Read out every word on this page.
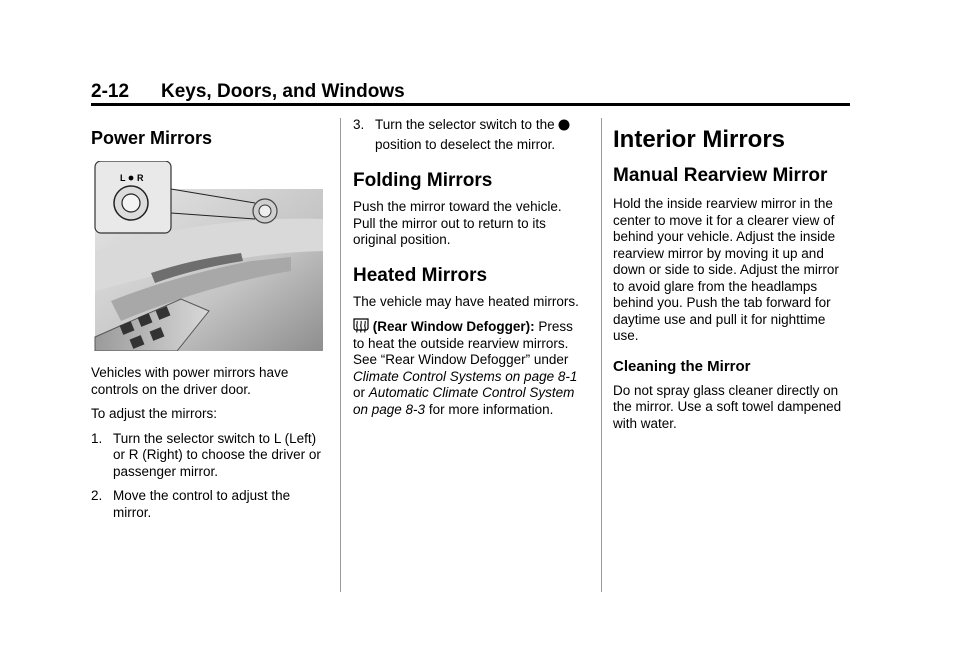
2-12 Keys, Doors, and Windows
Power Mirrors
L R

Vehicles with power mirrors have controls on the driver door.

To adjust the mirrors:

1. Turn the selector switch to L (Left) or R (Right) to choose the driver or passenger mirror.
2. Move the control to adjust the mirror.
3. Turn the selector switch to the  position to deselect the mirror.
Folding Mirrors

Push the mirror toward the vehicle. Pull the mirror out to return to its original position.

Heated Mirrors

The vehicle may have heated mirrors.

(Rear Window Defogger): Press to heat the outside rearview mirrors. See “Rear Window Defogger” under Climate Control Systems on page 8-1 or Automatic Climate Control System on page 8-3 for more information.

Interior Mirrors
Manual Rearview Mirror

Hold the inside rearview mirror in the center to move it for a clearer view of behind your vehicle. Adjust the inside rearview mirror by moving it up and down or side to side. Adjust the mirror to avoid glare from the headlamps behind you. Push the tab forward for daytime use and pull it for nighttime use.

Cleaning the Mirror

Do not spray glass cleaner directly on the mirror. Use a soft towel dampened with water.
